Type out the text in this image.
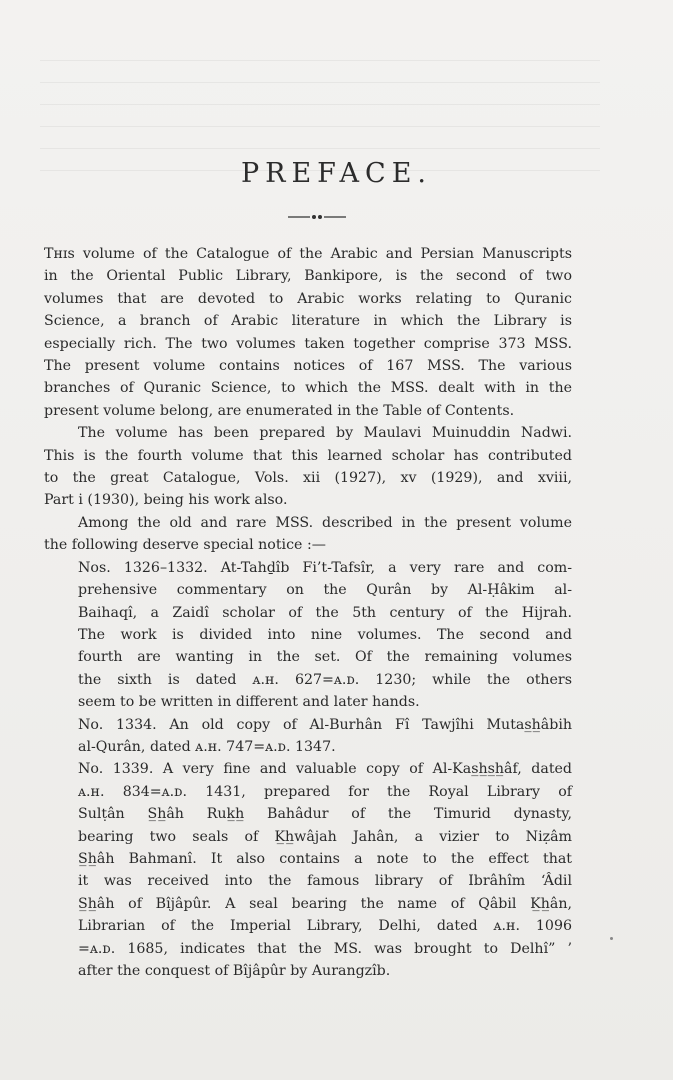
PREFACE.
Tʜɪs volume of the Catalogue of the Arabic and Persian Manuscripts
in the Oriental Public Library, Bankipore, is the second of two
volumes that are devoted to Arabic works relating to Quranic
Science, a branch of Arabic literature in which the Library is
especially rich. The two volumes taken together comprise 373 MSS.
The present volume contains notices of 167 MSS. The various
branches of Quranic Science, to which the MSS. dealt with in the
present volume belong, are enumerated in the Table of Contents.
The volume has been prepared by Maulavi Muinuddin Nadwi.
This is the fourth volume that this learned scholar has contributed
to the great Catalogue, Vols. xii (1927), xv (1929), and xviii,
Part i (1930), being his work also.
Among the old and rare MSS. described in the present volume
the following deserve special notice :—
Nos. 1326–1332. At-Tahḏîb Fi’t-Tafsîr, a very rare and com-
prehensive commentary on the Qurân by Al-Ḥâkim al-
Baihaqî, a Zaidî scholar of the 5th century of the Hijrah.
The work is divided into nine volumes. The second and
fourth are wanting in the set. Of the remaining volumes
the sixth is dated ᴀ.ʜ. 627=ᴀ.ᴅ. 1230; while the others
seem to be written in different and later hands.
No. 1334. An old copy of Al-Burhân Fî Tawjîhi Mutas̲h̲âbih
al-Qurân, dated ᴀ.ʜ. 747=ᴀ.ᴅ. 1347.
No. 1339. A very fine and valuable copy of Al-Kas̲h̲s̲h̲âf, dated
ᴀ.ʜ. 834=ᴀ.ᴅ. 1431, prepared for the Royal Library of
Sulṭân S̲h̲âh Ruk̲h̲ Bahâdur of the Timurid dynasty,
bearing two seals of K̲h̲wâjah Jahân, a vizier to Niẓâm
S̲h̲âh Bahmanî. It also contains a note to the effect that
it was received into the famous library of Ibrâhîm ‘Âdil
S̲h̲âh of Bîjâpûr. A seal bearing the name of Qâbil K̲h̲ân,
Librarian of the Imperial Library, Delhi, dated ᴀ.ʜ. 1096
=ᴀ.ᴅ. 1685, indicates that the MS. was brought to Delhî” ’
after the conquest of Bîjâpûr by Aurangzîb.
